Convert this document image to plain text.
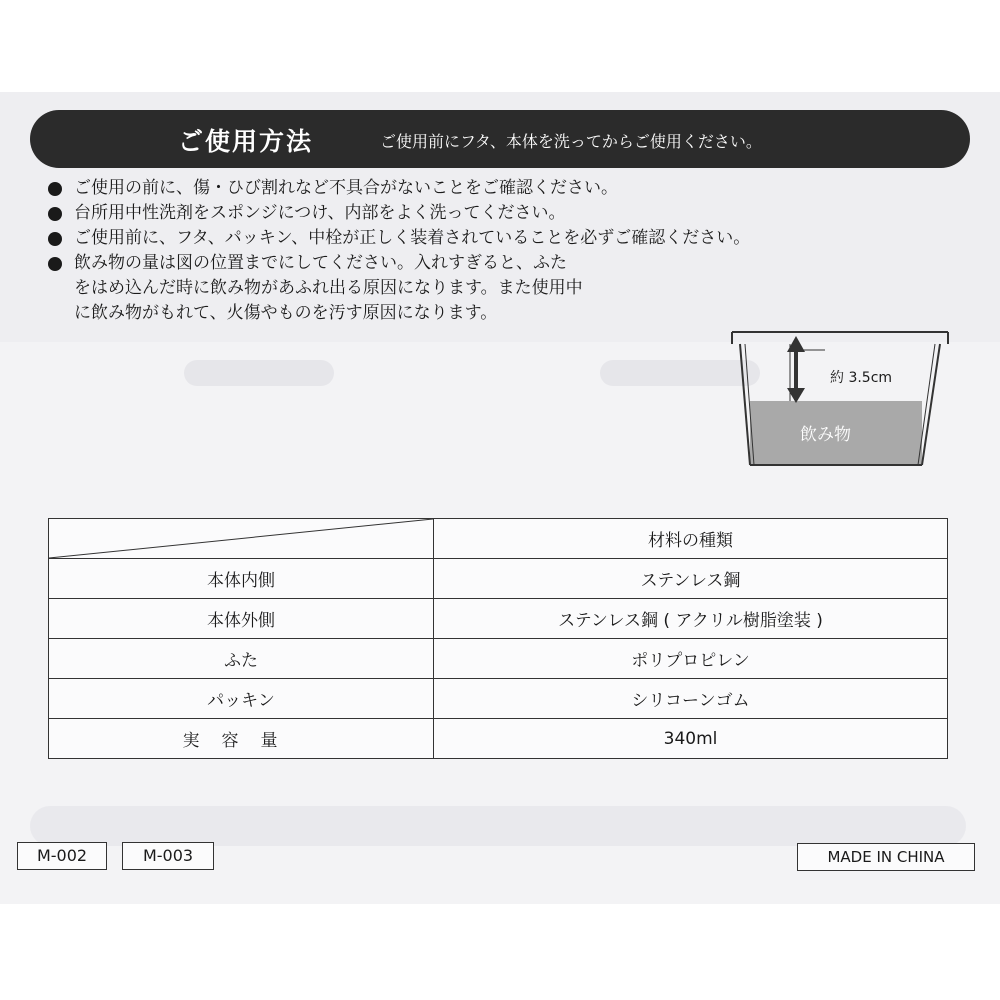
ご使用方法	ご使用前にフタ、本体を洗ってからご使用ください。
ご使用の前に、傷・ひび割れなど不具合がないことをご確認ください。
台所用中性洗剤をスポンジにつけ、内部をよく洗ってください。
ご使用前に、フタ、パッキン、中栓が正しく装着されていることを必ずご確認ください。
飲み物の量は図の位置までにしてください。入れすぎると、ふた
をはめ込んだ時に飲み物があふれ出る原因になります。また使用中
に飲み物がもれて、火傷やものを汚す原因になります。
約 3.5cm
飲み物
	材料の種類
本体内側	ステンレス鋼
本体外側	ステンレス鋼 ( アクリル樹脂塗装 )
ふた	ポリプロピレン
パッキン	シリコーンゴム
実容量	340ml
M-002	M-003	MADE IN CHINA
